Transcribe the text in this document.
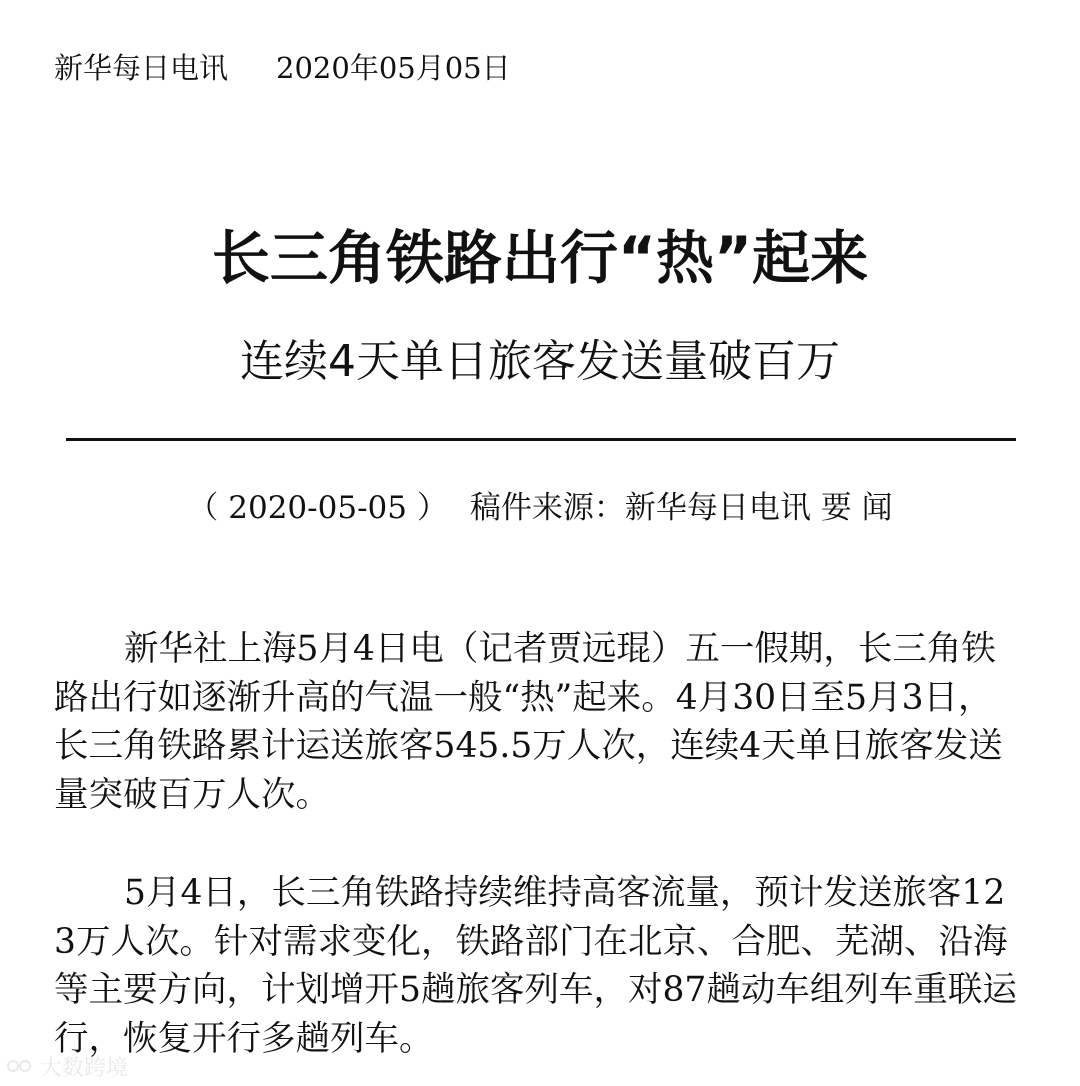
新华每日电讯 2020年05月05日
长三角铁路出行“热”起来
连续4天单日旅客发送量破百万
（ 2020-05-05 ） 稿件来源：新华每日电讯 要 闻

新华社上海5月4日电（记者贾远琨）五一假期，长三角铁路出行如逐渐升高的气温一般“热”起来。4月30日至5月3日，长三角铁路累计运送旅客545.5万人次，连续4天单日旅客发送量突破百万人次。

5月4日，长三角铁路持续维持高客流量，预计发送旅客123万人次。针对需求变化，铁路部门在北京、合肥、芜湖、沿海等主要方向，计划增开5趟旅客列车，对87趟动车组列车重联运行，恢复开行多趟列车。

大数跨境
